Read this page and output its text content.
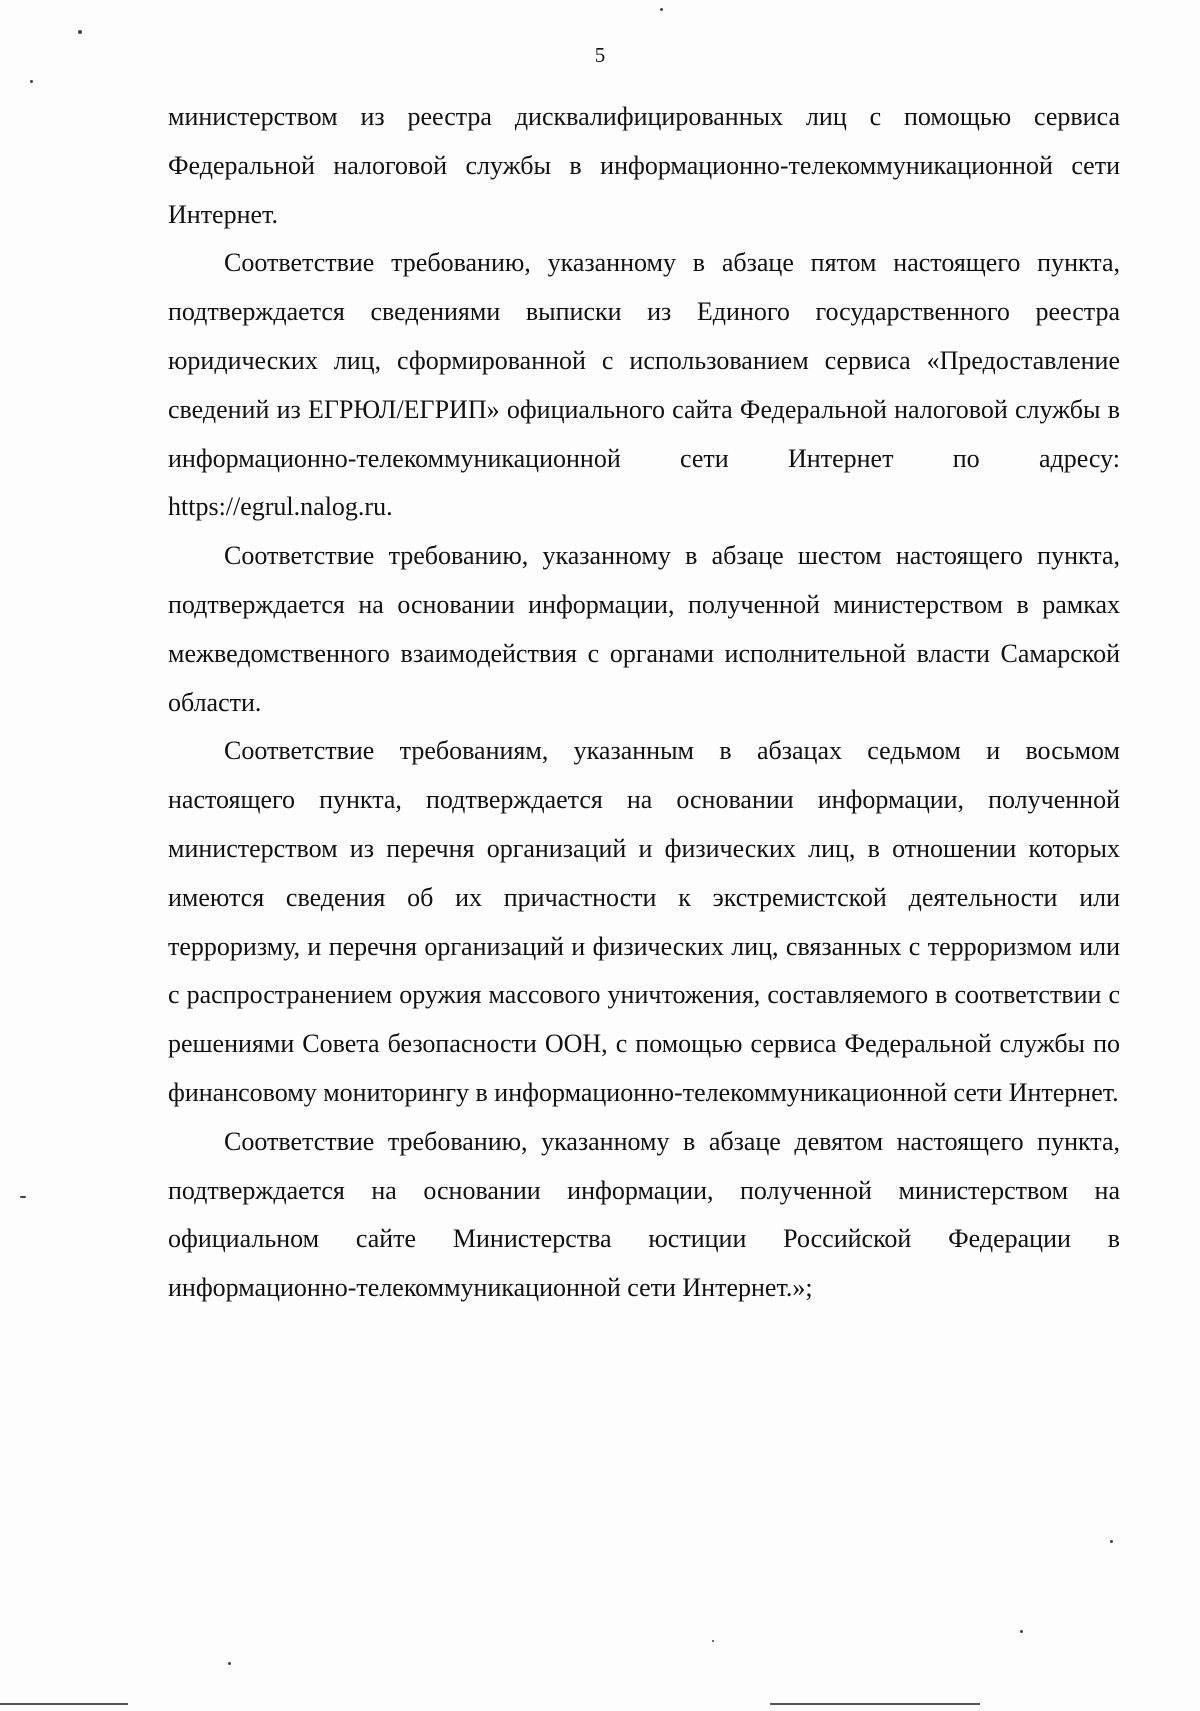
5

министерством из реестра дисквалифицированных лиц с помощью сервиса Федеральной налоговой службы в информационно-телекоммуникационной сети Интернет.

Соответствие требованию, указанному в абзаце пятом настоящего пункта, подтверждается сведениями выписки из Единого государственного реестра юридических лиц, сформированной с использованием сервиса «Предоставление сведений из ЕГРЮЛ/ЕГРИП» официального сайта Федеральной налоговой службы в информационно-телекоммуникационной сети Интернет по адресу: https://egrul.nalog.ru.

Соответствие требованию, указанному в абзаце шестом настоящего пункта, подтверждается на основании информации, полученной министерством в рамках межведомственного взаимодействия с органами исполнительной власти Самарской области.

Соответствие требованиям, указанным в абзацах седьмом и восьмом настоящего пункта, подтверждается на основании информации, полученной министерством из перечня организаций и физических лиц, в отношении которых имеются сведения об их причастности к экстремистской деятельности или терроризму, и перечня организаций и физических лиц, связанных с терроризмом или с распространением оружия массового уничтожения, составляемого в соответствии с решениями Совета безопасности ООН, с помощью сервиса Федеральной службы по финансовому мониторингу в информационно-телекоммуникационной сети Интернет.

Соответствие требованию, указанному в абзаце девятом настоящего пункта, подтверждается на основании информации, полученной министерством на официальном сайте Министерства юстиции Российской Федерации в информационно-телекоммуникационной сети Интернет.»;
